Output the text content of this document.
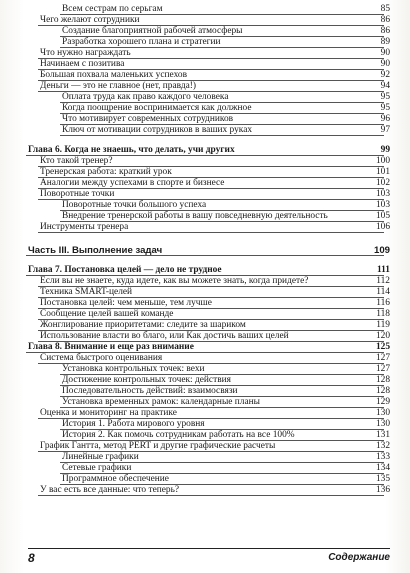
Всем сестрам по серьгам	85
Чего желают сотрудники	86
Создание благоприятной рабочей атмосферы	86
Разработка хорошего плана и стратегии	89
Что нужно награждать	90
Начинаем с позитива	90
Большая похвала маленьких успехов	92
Деньги — это не главное (нет, правда!)	94
Оплата труда как право каждого человека	95
Когда поощрение воспринимается как должное	95
Что мотивирует современных сотрудников	96
Ключ от мотивации сотрудников в ваших руках	97
Глава 6. Когда не знаешь, что делать, учи других	99
Кто такой тренер?	100
Тренерская работа: краткий урок	101
Аналогии между успехами в спорте и бизнесе	102
Поворотные точки	103
Поворотные точки большого успеха	103
Внедрение тренерской работы в вашу повседневную деятельность	105
Инструменты тренера	106
Часть III. Выполнение задач	109
Глава 7. Постановка целей — дело не трудное	111
Если вы не знаете, куда идете, как вы можете знать, когда придете?	112
Техника SMART-целей	114
Постановка целей: чем меньше, тем лучше	116
Сообщение целей вашей команде	118
Жонглирование приоритетами: следите за шариком	119
Использование власти во благо, или Как достичь ваших целей	120
Глава 8. Внимание и еще раз внимание	125
Система быстрого оценивания	127
Установка контрольных точек: вехи	127
Достижение контрольных точек: действия	128
Последовательность действий: взаимосвязи	128
Установка временных рамок: календарные планы	129
Оценка и мониторинг на практике	130
История 1. Работа мирового уровня	130
История 2. Как помочь сотрудникам работать на все 100%	131
График Гантта, метод PERT и другие графические расчеты	132
Линейные графики	133
Сетевые графики	134
Программное обеспечение	135
У вас есть все данные: что теперь?	136
8	Содержание
